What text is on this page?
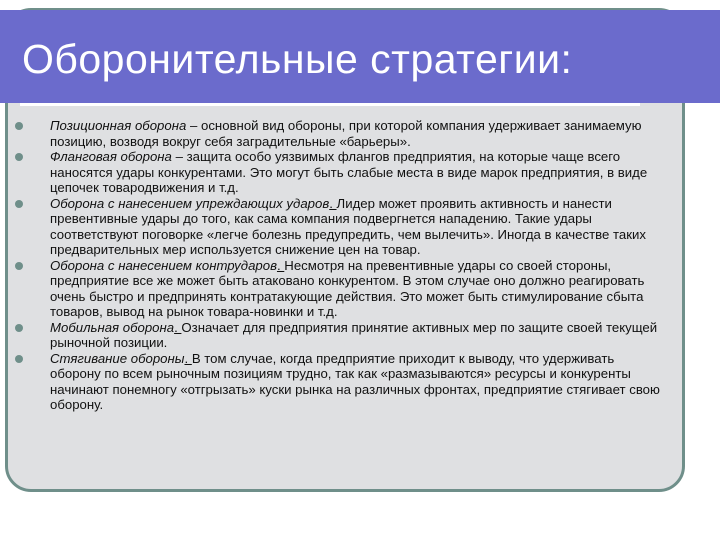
Оборонительные стратегии:

Позиционная оборона – основной вид обороны, при которой компания удерживает занимаемую позицию, возводя вокруг себя заградительные «барьеры».

Фланговая оборона – защита особо уязвимых флангов предприятия, на которые чаще всего наносятся удары конкурентами. Это могут быть слабые места в виде марок предприятия, в виде цепочек товародвижения и т.д.

Оборона с нанесением упреждающих ударов. Лидер может проявить активность и нанести превентивные удары до того, как сама компания подвергнется нападению. Такие удары соответствуют поговорке «легче болезнь предупредить, чем вылечить». Иногда в качестве таких предварительных мер используется снижение цен на товар.

Оборона с нанесением контрударов. Несмотря на превентивные удары со своей стороны, предприятие все же может быть атаковано конкурентом. В этом случае оно должно реагировать очень быстро и предпринять контратакующие действия. Это может быть стимулирование сбыта товаров, вывод на рынок товара-новинки и т.д.

Мобильная оборона. Означает для предприятия принятие активных мер по защите своей текущей рыночной позиции.

Стягивание обороны. В том случае, когда предприятие приходит к выводу, что удерживать оборону по всем рыночным позициям трудно, так как «размазываются» ресурсы и конкуренты начинают понемногу «отгрызать» куски рынка на различных фронтах, предприятие стягивает свою оборону.
